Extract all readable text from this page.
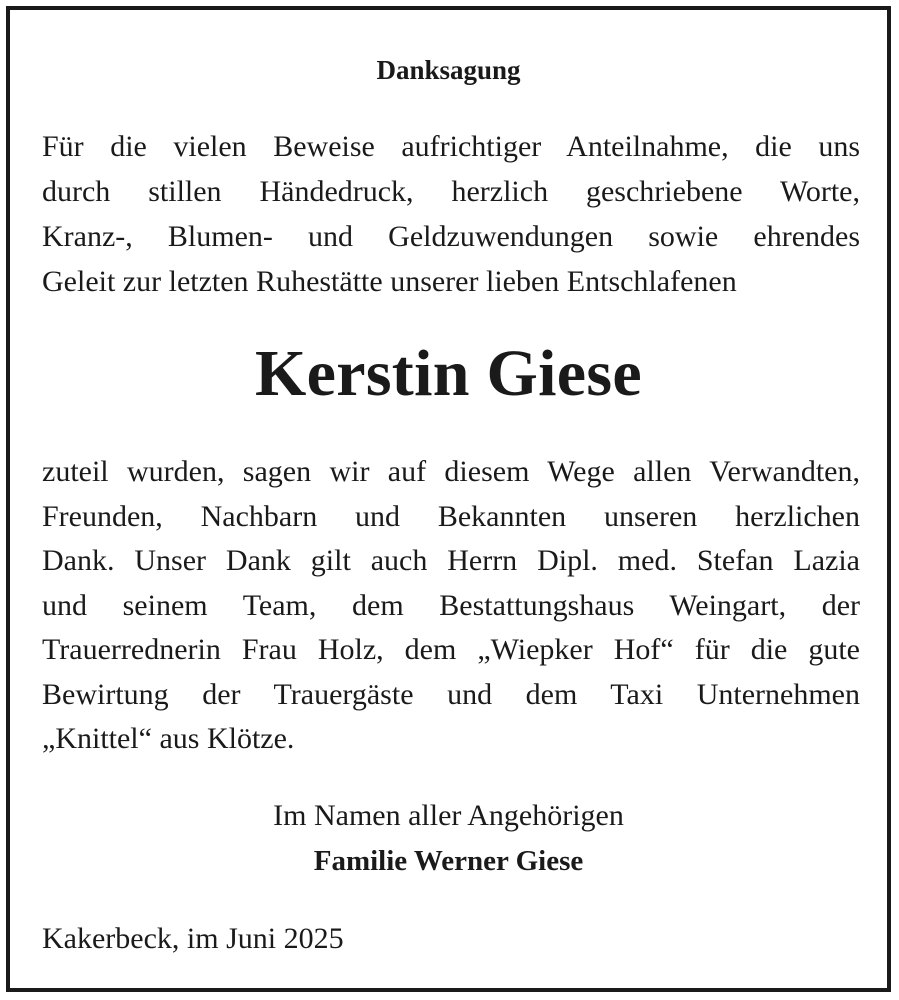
Danksagung
Für die vielen Beweise aufrichtiger Anteilnahme, die uns
durch stillen Händedruck, herzlich geschriebene Worte,
Kranz-, Blumen- und Geldzuwendungen sowie ehrendes
Geleit zur letzten Ruhestätte unserer lieben Entschlafenen
Kerstin Giese
zuteil wurden, sagen wir auf diesem Wege allen Verwandten,
Freunden, Nachbarn und Bekannten unseren herzlichen
Dank. Unser Dank gilt auch Herrn Dipl. med. Stefan Lazia
und seinem Team, dem Bestattungshaus Weingart, der
Trauerrednerin Frau Holz, dem „Wiepker Hof“ für die gute
Bewirtung der Trauergäste und dem Taxi Unternehmen
„Knittel“ aus Klötze.
Im Namen aller Angehörigen
Familie Werner Giese
Kakerbeck, im Juni 2025
